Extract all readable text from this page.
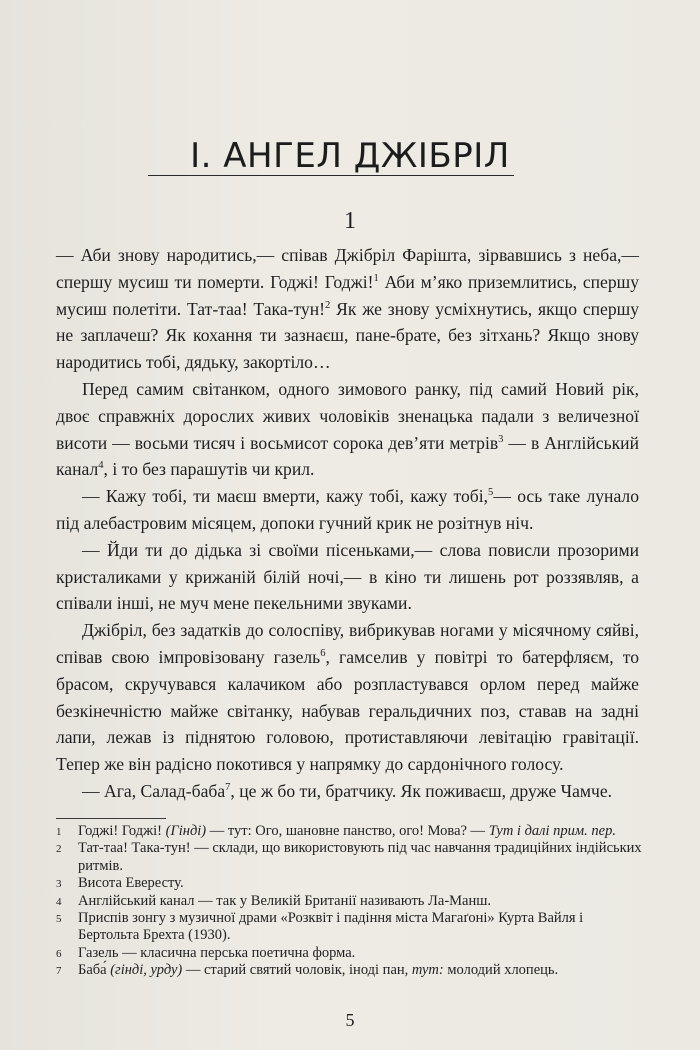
I. АНГЕЛ ДЖІБРІЛ
1

— Аби знову народитись,— співав Джібріл Фарішта, зірвавшись з неба,— спершу мусиш ти померти. Годжі! Годжі!$^1$ Аби м’яко приземлитись, спершу мусиш полетіти. Тат-таа! Така-тун!$^2$ Як же знову усміхнутись, якщо спершу не заплачеш? Як кохання ти зазнаєш, пане-брате, без зітхань? Якщо знову народитись тобі, дядьку, закортіло…

Перед самим світанком, одного зимового ранку, під самий Новий рік, двоє справжніх дорослих живих чоловіків зненацька падали з величезної висоти — восьми тисяч і восьмисот сорока дев’яти метрів$^3$ — в Англійський канал$^4$, і то без парашутів чи крил.

— Кажу тобі, ти маєш вмерти, кажу тобі, кажу тобі,$^5$— ось таке лунало під алебастровим місяцем, допоки гучний крик не розітнув ніч.

— Йди ти до дідька зі своїми пісеньками,— слова повисли прозорими кристаликами у крижаній білій ночі,— в кіно ти лишень рот роззявляв, а співали інші, не муч мене пекельними звуками.

Джібріл, без задатків до солоспіву, вибрикував ногами у місячному сяйві, співав свою імпровізовану газель$^6$, гамселив у повітрі то батерфляєм, то брасом, скручувався калачиком або розпластувався орлом перед майже безкінечністю майже світанку, набував геральдичних поз, ставав на задні лапи, лежав із піднятою головою, протиставляючи левітацію гравітації. Тепер же він радісно покотився у напрямку до сардонічного голосу.

— Ага, Салад-баба$^7$, це ж бо ти, братчику. Як поживаєш, друже Чамче.

1 Годжі! Годжі! (Гінді) — тут: Ого, шановне панство, ого! Мова? — Тут і далі прим. пер.

2 Тат-таа! Така-тун! — склади, що використовують під час навчання традиційних індійських ритмів.

3 Висота Евересту.

4 Англійський канал — так у Великій Британії називають Ла-Манш.

5 Приспів зонгу з музичної драми «Розквіт і падіння міста Магаґоні» Курта Вайля і Бертольта Брехта (1930).

6 Газель — класична перська поетична форма.

7 Баба́ (гінді, урду) — старий святий чоловік, іноді пан, тут: молодий хлопець.

5
